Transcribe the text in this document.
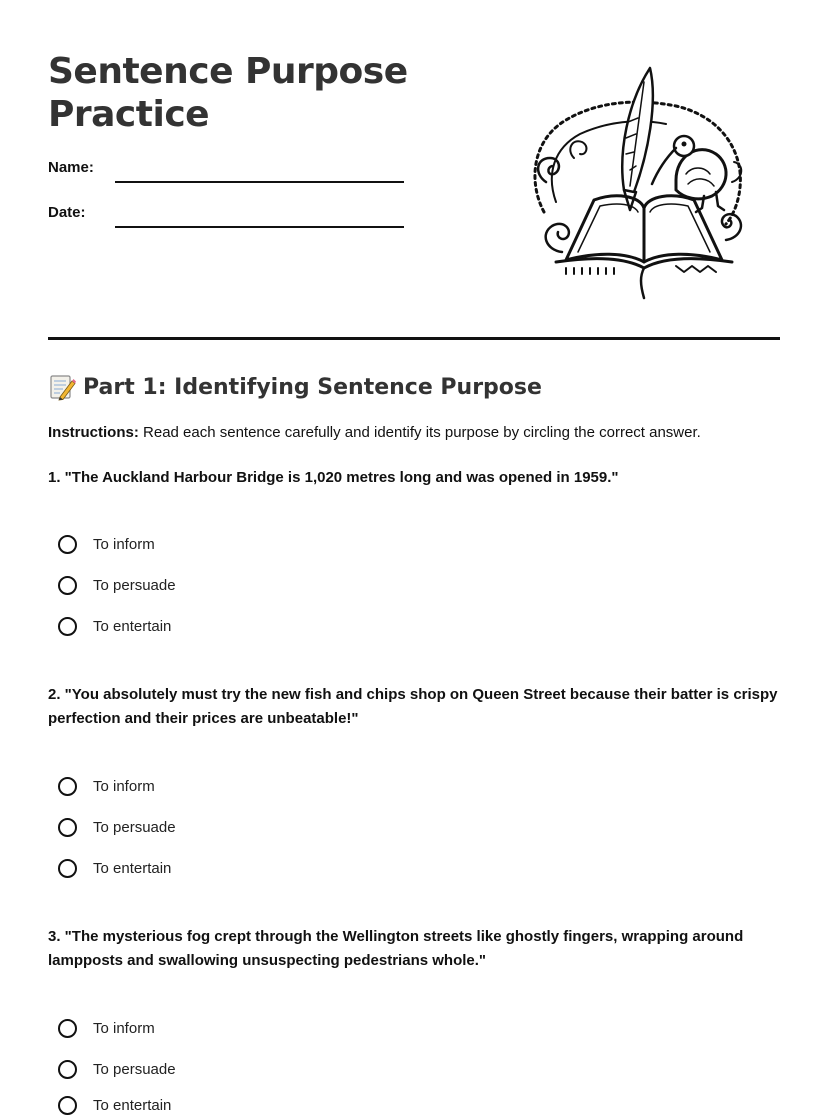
Sentence Purpose Practice
Name:
Date:
Part 1: Identifying Sentence Purpose
Instructions: Read each sentence carefully and identify its purpose by circling the correct answer.
1. "The Auckland Harbour Bridge is 1,020 metres long and was opened in 1959."
To inform
To persuade
To entertain
2. "You absolutely must try the new fish and chips shop on Queen Street because their batter is crispy perfection and their prices are unbeatable!"
To inform
To persuade
To entertain
3. "The mysterious fog crept through the Wellington streets like ghostly fingers, wrapping around lampposts and swallowing unsuspecting pedestrians whole."
To inform
To persuade
To entertain
